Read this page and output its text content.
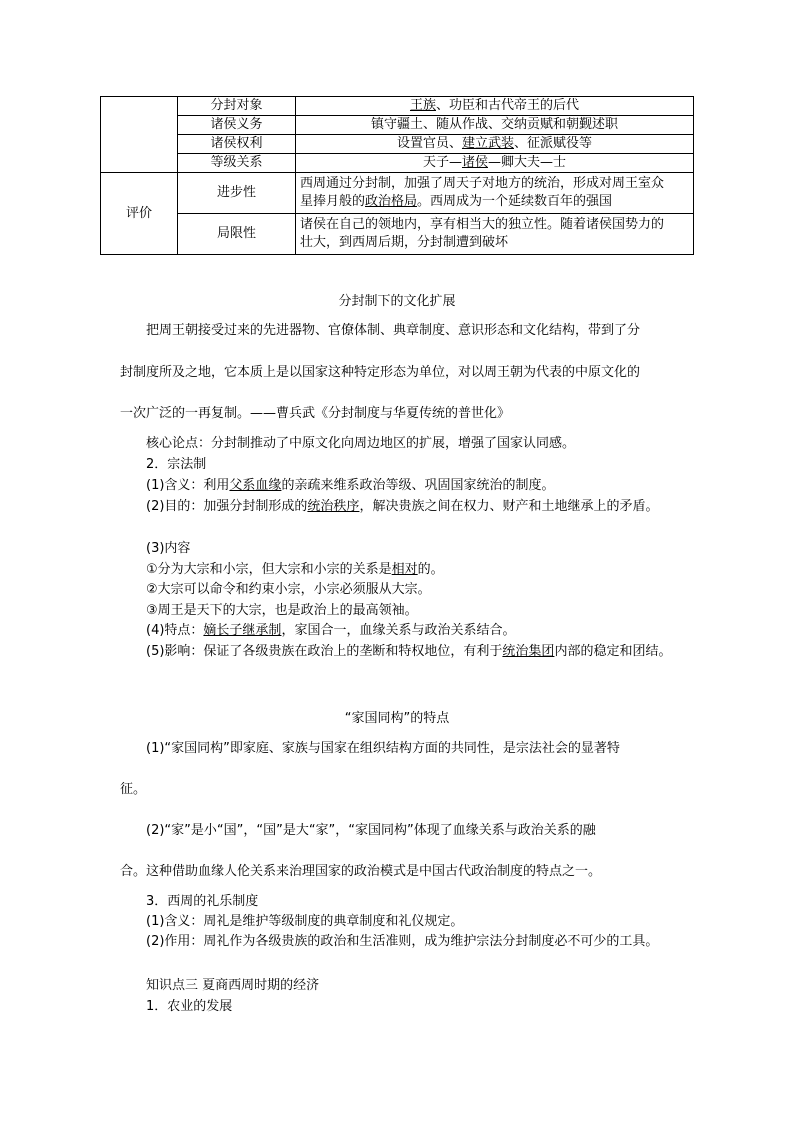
	分封对象	王族、功臣和古代帝王的后代
	诸侯义务	镇守疆土、随从作战、交纳贡赋和朝觐述职
	诸侯权利	设置官员、建立武装、征派赋役等
	等级关系	天子—诸侯—卿大夫—士
评价	进步性	西周通过分封制，加强了周天子对地方的统治，形成对周王室众
星捧月般的政治格局。西周成为一个延续数百年的强国

	局限性	诸侯在自己的领地内，享有相当大的独立性。随着诸侯国势力的
壮大，到西周后期，分封制遭到破坏
分封制下的文化扩展
把周王朝接受过来的先进器物、官僚体制、典章制度、意识形态和文化结构，带到了分
封制度所及之地，它本质上是以国家这种特定形态为单位，对以周王朝为代表的中原文化的
一次广泛的一再复制。——曹兵武《分封制度与华夏传统的普世化》
核心论点：分封制推动了中原文化向周边地区的扩展，增强了国家认同感。
2．宗法制
(1)含义：利用父系血缘的亲疏来维系政治等级、巩固国家统治的制度。

(2)目的：加强分封制形成的统治秩序，解决贵族之间在权力、财产和土地继承上的矛盾。

(3)内容
①分为大宗和小宗，但大宗和小宗的关系是相对的。
②大宗可以命令和约束小宗，小宗必须服从大宗。
③周王是天下的大宗，也是政治上的最高领袖。
(4)特点：嫡长子继承制，家国合一，血缘关系与政治关系结合。

(5)影响：保证了各级贵族在政治上的垄断和特权地位，有利于统治集团内部的稳定和团结。

“家国同构”的特点
(1)“家国同构”即家庭、家族与国家在组织结构方面的共同性，是宗法社会的显著特
征。
(2)“家”是小“国”，“国”是大“家”，“家国同构”体现了血缘关系与政治关系的融
合。这种借助血缘人伦关系来治理国家的政治模式是中国古代政治制度的特点之一。
3．西周的礼乐制度
(1)含义：周礼是维护等级制度的典章制度和礼仪规定。

(2)作用：周礼作为各级贵族的政治和生活准则，成为维护宗法分封制度必不可少的工具。

知识点三 夏商西周时期的经济
1．农业的发展
